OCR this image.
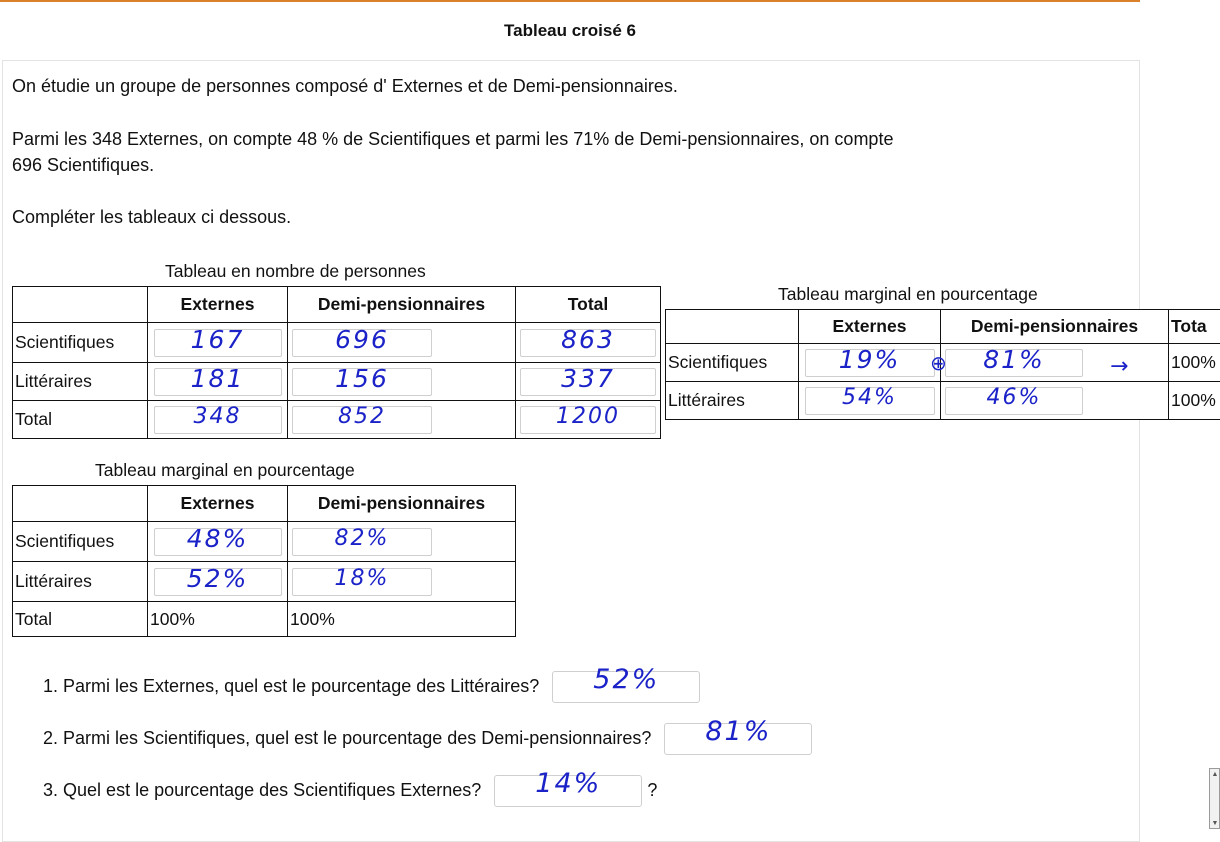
Tableau croisé 6
On étudie un groupe de personnes composé d' Externes et de Demi-pensionnaires.
Parmi les 348 Externes, on compte 48 % de Scientifiques et parmi les 71% de Demi-pensionnaires, on compte
696 Scientifiques.
Compléter les tableaux ci dessous.
Tableau en nombre de personnes
	Externes	Demi-pensionnaires	Total
Scientifiques	167	696	863

Littéraires	181	156	337

Total	348	852	1200
Tableau marginal en pourcentage
	Externes	Demi-pensionnaires
Scientifiques	48%	82%

Littéraires	52%	18%

Total	100%	100%
Tableau marginal en pourcentage
	Externes	Demi-pensionnaires	Tota
Scientifiques	19%	81%	100%
Littéraires	54%	46%	100%
⊕	→
1. Parmi les Externes, quel est le pourcentage des Littéraires?	52%
2. Parmi les Scientifiques, quel est le pourcentage des Demi-pensionnaires?	81%
3. Quel est le pourcentage des Scientifiques Externes?	14%	?
▲
▼
